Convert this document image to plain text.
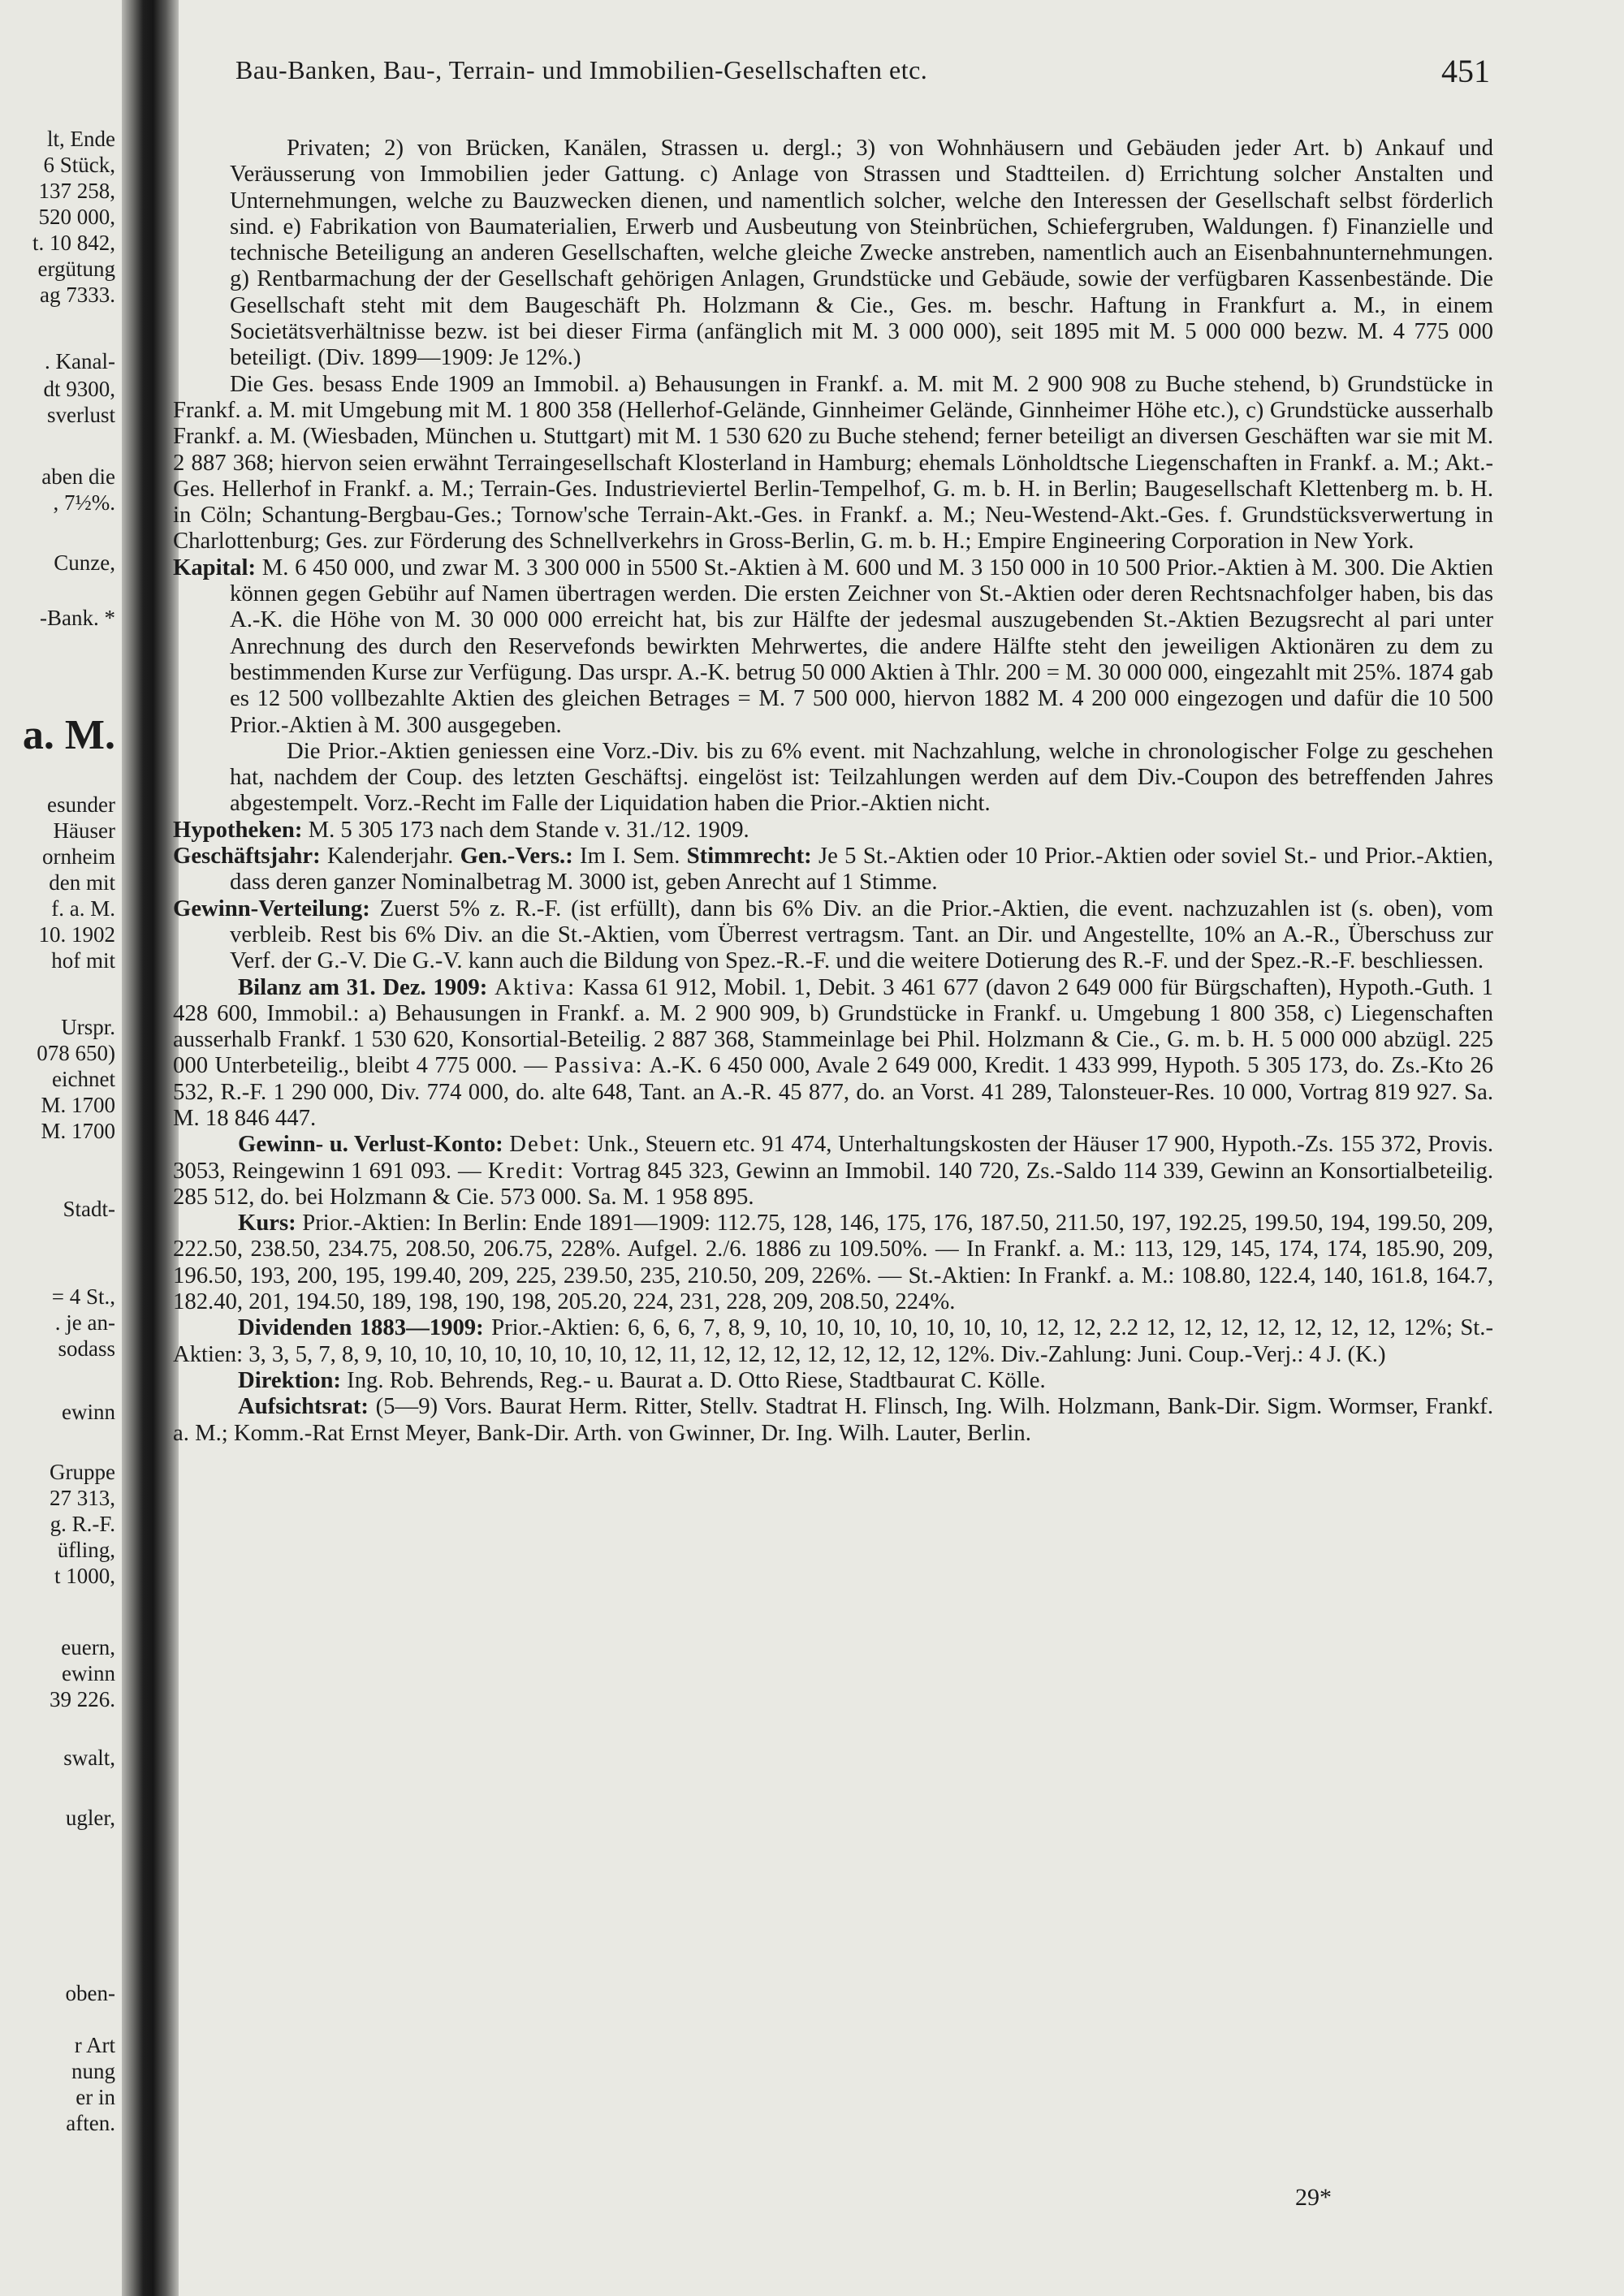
lt, Ende
6 Stück,
137 258,
520 000,
t. 10 842,
ergütung
ag 7333.
. Kanal-
dt 9300,
sverlust
aben die
, 7½%.
Cunze,
-Bank. *
a. M.
esunder
Häuser
ornheim
den mit
f. a. M.
10. 1902
hof mit
Urspr.
078 650)
eichnet
M. 1700
M. 1700
Stadt-
= 4 St.,
. je an-
sodass
ewinn
Gruppe
27 313,
g. R.-F.
üfling,
t 1000,
euern,
ewinn
39 226.
swalt,
ugler,
oben-
r Art
nung
er in
aften.
Bau-Banken, Bau-, Terrain- und Immobilien-Gesellschaften etc.	451

Privaten; 2) von Brücken, Kanälen, Strassen u. dergl.; 3) von Wohnhäusern und Gebäuden jeder Art. b) Ankauf und Veräusserung von Immobilien jeder Gattung. c) Anlage von Strassen und Stadtteilen. d) Errichtung solcher Anstalten und Unternehmungen, welche zu Bauzwecken dienen, und namentlich solcher, welche den Interessen der Gesellschaft selbst förderlich sind. e) Fabrikation von Baumaterialien, Erwerb und Ausbeutung von Steinbrüchen, Schiefergruben, Waldungen. f) Finanzielle und technische Beteiligung an anderen Gesellschaften, welche gleiche Zwecke anstreben, namentlich auch an Eisenbahnunternehmungen. g) Rentbarmachung der der Gesellschaft gehörigen Anlagen, Grundstücke und Gebäude, sowie der verfügbaren Kassenbestände. Die Gesellschaft steht mit dem Baugeschäft Ph. Holzmann & Cie., Ges. m. beschr. Haftung in Frankfurt a. M., in einem Societätsverhältnisse bezw. ist bei dieser Firma (anfänglich mit M. 3 000 000), seit 1895 mit M. 5 000 000 bezw. M. 4 775 000 beteiligt. (Div. 1899—1909: Je 12%.)

Die Ges. besass Ende 1909 an Immobil. a) Behausungen in Frankf. a. M. mit M. 2 900 908 zu Buche stehend, b) Grundstücke in Frankf. a. M. mit Umgebung mit M. 1 800 358 (Hellerhof-Gelände, Ginnheimer Gelände, Ginnheimer Höhe etc.), c) Grundstücke ausserhalb Frankf. a. M. (Wiesbaden, München u. Stuttgart) mit M. 1 530 620 zu Buche stehend; ferner beteiligt an diversen Geschäften war sie mit M. 2 887 368; hiervon seien erwähnt Terraingesellschaft Klosterland in Hamburg; ehemals Lönholdtsche Liegenschaften in Frankf. a. M.; Akt.-Ges. Hellerhof in Frankf. a. M.; Terrain-Ges. Industrieviertel Berlin-Tempelhof, G. m. b. H. in Berlin; Baugesellschaft Klettenberg m. b. H. in Cöln; Schantung-Bergbau-Ges.; Tornow'sche Terrain-Akt.-Ges. in Frankf. a. M.; Neu-Westend-Akt.-Ges. f. Grundstücksverwertung in Charlottenburg; Ges. zur Förderung des Schnellverkehrs in Gross-Berlin, G. m. b. H.; Empire Engineering Corporation in New York.

Kapital: M. 6 450 000, und zwar M. 3 300 000 in 5500 St.-Aktien à M. 600 und M. 3 150 000 in 10 500 Prior.-Aktien à M. 300. Die Aktien können gegen Gebühr auf Namen übertragen werden. Die ersten Zeichner von St.-Aktien oder deren Rechtsnachfolger haben, bis das A.-K. die Höhe von M. 30 000 000 erreicht hat, bis zur Hälfte der jedesmal auszugebenden St.-Aktien Bezugsrecht al pari unter Anrechnung des durch den Reservefonds bewirkten Mehrwertes, die andere Hälfte steht den jeweiligen Aktionären zu dem zu bestimmenden Kurse zur Verfügung. Das urspr. A.-K. betrug 50 000 Aktien à Thlr. 200 = M. 30 000 000, eingezahlt mit 25%. 1874 gab es 12 500 vollbezahlte Aktien des gleichen Betrages = M. 7 500 000, hiervon 1882 M. 4 200 000 eingezogen und dafür die 10 500 Prior.-Aktien à M. 300 ausgegeben.

Die Prior.-Aktien geniessen eine Vorz.-Div. bis zu 6% event. mit Nachzahlung, welche in chronologischer Folge zu geschehen hat, nachdem der Coup. des letzten Geschäftsj. eingelöst ist: Teilzahlungen werden auf dem Div.-Coupon des betreffenden Jahres abgestempelt. Vorz.-Recht im Falle der Liquidation haben die Prior.-Aktien nicht.

Hypotheken: M. 5 305 173 nach dem Stande v. 31./12. 1909.

Geschäftsjahr: Kalenderjahr. Gen.-Vers.: Im I. Sem. Stimmrecht: Je 5 St.-Aktien oder 10 Prior.-Aktien oder soviel St.- und Prior.-Aktien, dass deren ganzer Nominalbetrag M. 3000 ist, geben Anrecht auf 1 Stimme.

Gewinn-Verteilung: Zuerst 5% z. R.-F. (ist erfüllt), dann bis 6% Div. an die Prior.-Aktien, die event. nachzuzahlen ist (s. oben), vom verbleib. Rest bis 6% Div. an die St.-Aktien, vom Überrest vertragsm. Tant. an Dir. und Angestellte, 10% an A.-R., Überschuss zur Verf. der G.-V. Die G.-V. kann auch die Bildung von Spez.-R.-F. und die weitere Dotierung des R.-F. und der Spez.-R.-F. beschliessen.

Bilanz am 31. Dez. 1909: Aktiva: Kassa 61 912, Mobil. 1, Debit. 3 461 677 (davon 2 649 000 für Bürgschaften), Hypoth.-Guth. 1 428 600, Immobil.: a) Behausungen in Frankf. a. M. 2 900 909, b) Grundstücke in Frankf. u. Umgebung 1 800 358, c) Liegenschaften ausserhalb Frankf. 1 530 620, Konsortial-Beteilig. 2 887 368, Stammeinlage bei Phil. Holzmann & Cie., G. m. b. H. 5 000 000 abzügl. 225 000 Unterbeteilig., bleibt 4 775 000. — Passiva: A.-K. 6 450 000, Avale 2 649 000, Kredit. 1 433 999, Hypoth. 5 305 173, do. Zs.-Kto 26 532, R.-F. 1 290 000, Div. 774 000, do. alte 648, Tant. an A.-R. 45 877, do. an Vorst. 41 289, Talonsteuer-Res. 10 000, Vortrag 819 927. Sa. M. 18 846 447.

Gewinn- u. Verlust-Konto: Debet: Unk., Steuern etc. 91 474, Unterhaltungskosten der Häuser 17 900, Hypoth.-Zs. 155 372, Provis. 3053, Reingewinn 1 691 093. — Kredit: Vortrag 845 323, Gewinn an Immobil. 140 720, Zs.-Saldo 114 339, Gewinn an Konsortialbeteilig. 285 512, do. bei Holzmann & Cie. 573 000. Sa. M. 1 958 895.

Kurs: Prior.-Aktien: In Berlin: Ende 1891—1909: 112.75, 128, 146, 175, 176, 187.50, 211.50, 197, 192.25, 199.50, 194, 199.50, 209, 222.50, 238.50, 234.75, 208.50, 206.75, 228%. Aufgel. 2./6. 1886 zu 109.50%. — In Frankf. a. M.: 113, 129, 145, 174, 174, 185.90, 209, 196.50, 193, 200, 195, 199.40, 209, 225, 239.50, 235, 210.50, 209, 226%. — St.-Aktien: In Frankf. a. M.: 108.80, 122.4, 140, 161.8, 164.7, 182.40, 201, 194.50, 189, 198, 190, 198, 205.20, 224, 231, 228, 209, 208.50, 224%.

Dividenden 1883—1909: Prior.-Aktien: 6, 6, 6, 7, 8, 9, 10, 10, 10, 10, 10, 10, 10, 12, 12, 2.2 12, 12, 12, 12, 12, 12, 12, 12%; St.-Aktien: 3, 3, 5, 7, 8, 9, 10, 10, 10, 10, 10, 10, 10, 12, 11, 12, 12, 12, 12, 12, 12, 12, 12%. Div.-Zahlung: Juni. Coup.-Verj.: 4 J. (K.)

Direktion: Ing. Rob. Behrends, Reg.- u. Baurat a. D. Otto Riese, Stadtbaurat C. Kölle.

Aufsichtsrat: (5—9) Vors. Baurat Herm. Ritter, Stellv. Stadtrat H. Flinsch, Ing. Wilh. Holzmann, Bank-Dir. Sigm. Wormser, Frankf. a. M.; Komm.-Rat Ernst Meyer, Bank-Dir. Arth. von Gwinner, Dr. Ing. Wilh. Lauter, Berlin.

29*
